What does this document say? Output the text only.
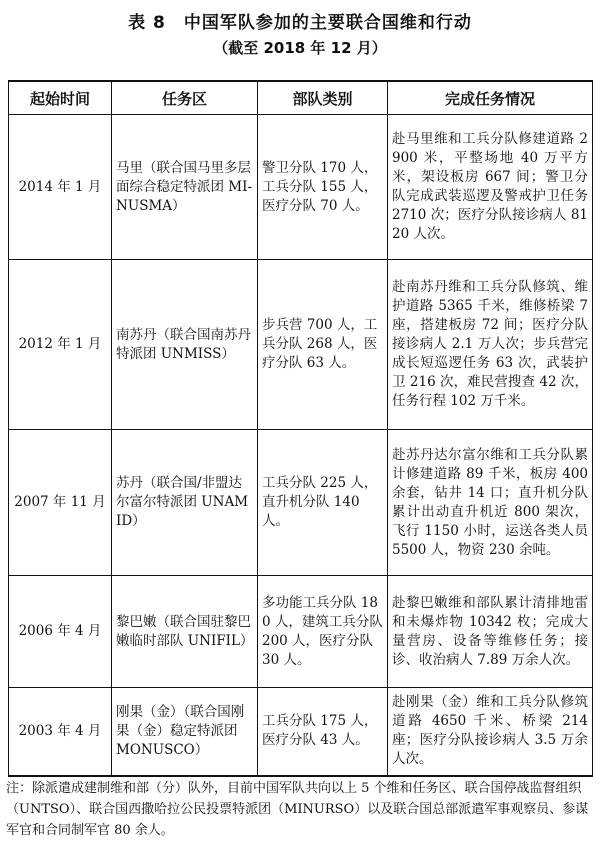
表 8　中国军队参加的主要联合国维和行动
（截至 2018 年 12 月）
起始时间	任务区	部队类别	完成任务情况
2014 年 1 月	马里（联合国马里多层面综合稳定特派团 MI-NUSMA）	警卫分队 170 人，工兵分队 155 人，医疗分队 70 人。	赴马里维和工兵分队修建道路 2900 米，平整场地 40 万平方米，架设板房 667 间；警卫分队完成武装巡逻及警戒护卫任务 2710 次；医疗分队接诊病人 8120 人次。
2012 年 1 月	南苏丹（联合国南苏丹特派团 UNMISS）	步兵营 700 人，工兵分队 268 人，医疗分队 63 人。	赴南苏丹维和工兵分队修筑、维护道路 5365 千米，维修桥梁 7 座，搭建板房 72 间；医疗分队接诊病人 2.1 万人次；步兵营完成长短巡逻任务 63 次，武装护卫 216 次，难民营搜查 42 次，任务行程 102 万千米。
2007 年 11 月	苏丹（联合国/非盟达尔富尔特派团 UNAMID）	工兵分队 225 人，直升机分队 140 人。	赴苏丹达尔富尔维和工兵分队累计修建道路 89 千米，板房 400 余套，钻井 14 口；直升机分队累计出动直升机近 800 架次，飞行 1150 小时，运送各类人员 5500 人，物资 230 余吨。
2006 年 4 月	黎巴嫩（联合国驻黎巴嫩临时部队 UNIFIL）	多功能工兵分队 180 人，建筑工兵分队 200 人，医疗分队 30 人。	赴黎巴嫩维和部队累计清排地雷和未爆炸物 10342 枚；完成大量营房、设备等维修任务；接诊、收治病人 7.89 万余人次。
2003 年 4 月	刚果（金）（联合国刚果（金）稳定特派团 MONUSCO）	工兵分队 175 人，医疗分队 43 人。	赴刚果（金）维和工兵分队修筑道路 4650 千米、桥梁 214 座；医疗分队接诊病人 3.5 万余人次。
注：除派遣成建制维和部（分）队外，目前中国军队共向以上 5 个维和任务区、联合国停战监督组织（UNTSO）、联合国西撒哈拉公民投票特派团（MINURSO）以及联合国总部派遣军事观察员、参谋军官和合同制军官 80 余人。
